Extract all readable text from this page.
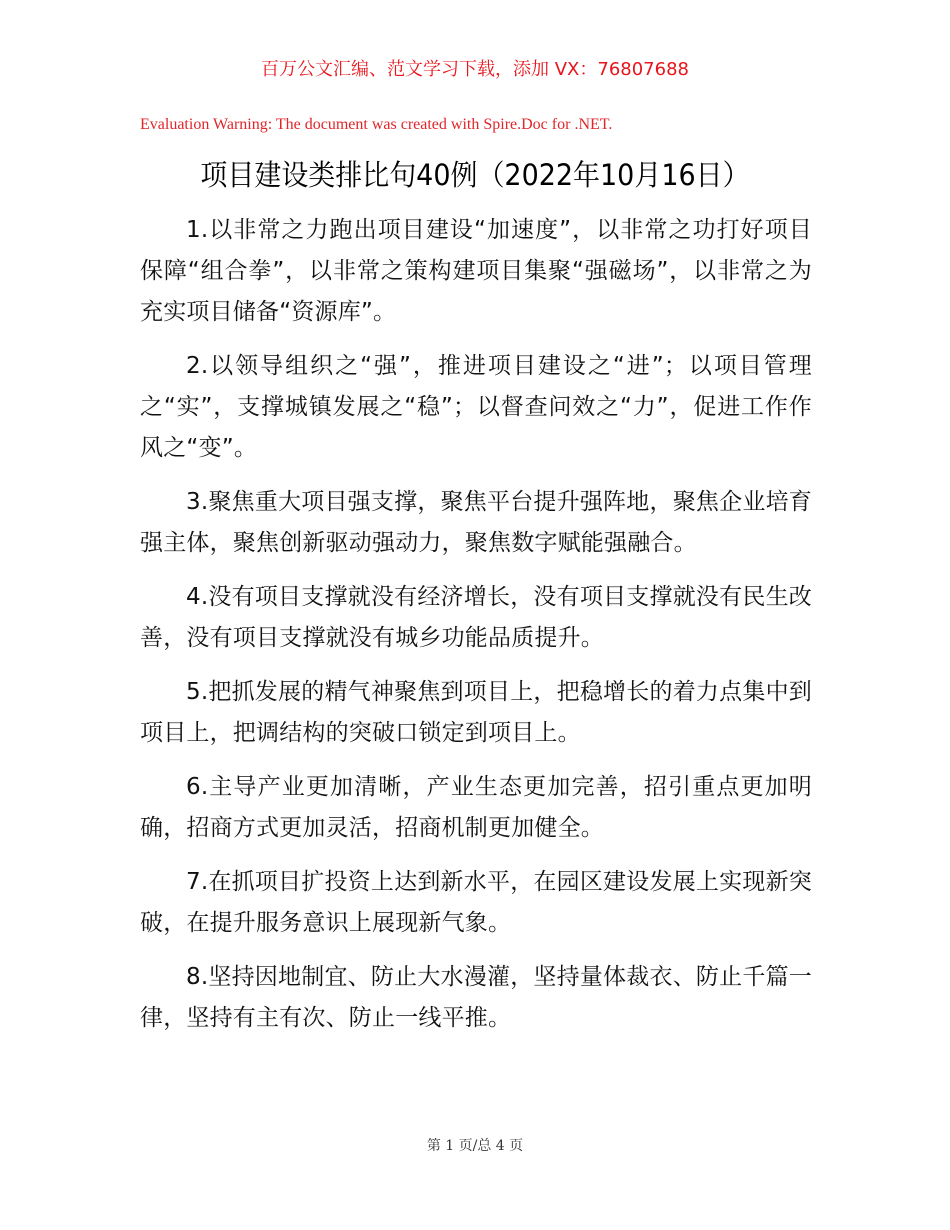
百万公文汇编、范文学习下载，添加 VX：76807688
Evaluation Warning: The document was created with Spire.Doc for .NET.
项目建设类排比句40例（2022年10月16日）

1.以非常之力跑出项目建设“加速度”，以非常之功打好项目保障“组合拳”，以非常之策构建项目集聚“强磁场”，以非常之为充实项目储备“资源库”。

2.以领导组织之“强”，推进项目建设之“进”；以项目管理之“实”，支撑城镇发展之“稳”；以督查问效之“力”，促进工作作风之“变”。

3.聚焦重大项目强支撑，聚焦平台提升强阵地，聚焦企业培育强主体，聚焦创新驱动强动力，聚焦数字赋能强融合。

4.没有项目支撑就没有经济增长，没有项目支撑就没有民生改善，没有项目支撑就没有城乡功能品质提升。

5.把抓发展的精气神聚焦到项目上，把稳增长的着力点集中到项目上，把调结构的突破口锁定到项目上。

6.主导产业更加清晰，产业生态更加完善，招引重点更加明确，招商方式更加灵活，招商机制更加健全。

7.在抓项目扩投资上达到新水平，在园区建设发展上实现新突破，在提升服务意识上展现新气象。

8.坚持因地制宜、防止大水漫灌，坚持量体裁衣、防止千篇一律，坚持有主有次、防止一线平推。

第 1 页/总 4 页
